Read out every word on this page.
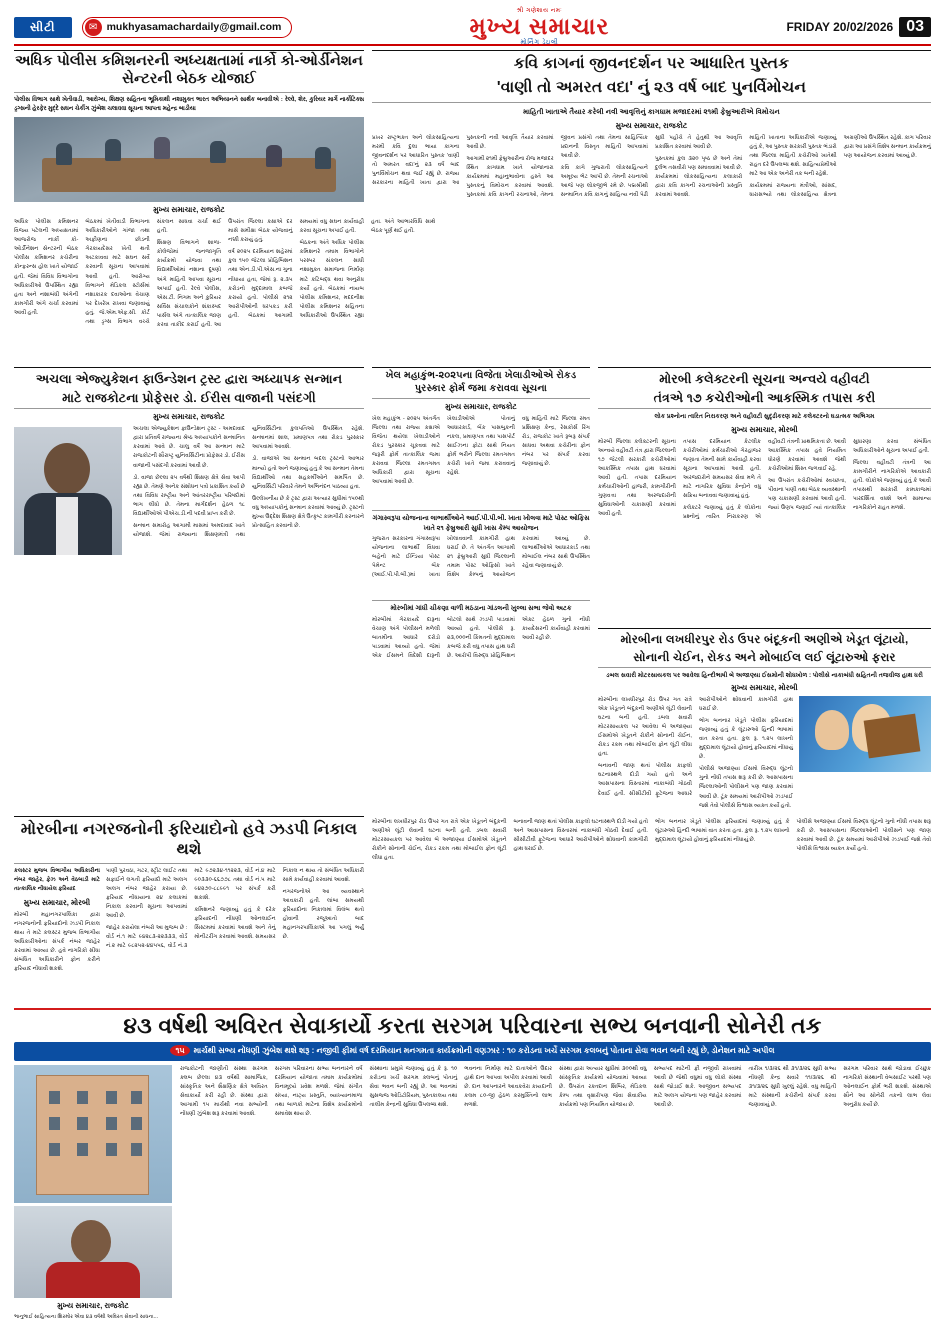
સીટી	✉ mukhyasamachardaily@gmail.com
શ્રી ગણેશાય નમઃ
મુખ્ય સમાચાર
મોર્નિંગ ડેઇલી
FRIDAY 20/02/2026 03
અધિક પોલીસ કમિશનરની અધ્યક્ષતામાં નાર્કો કો-ઓર્ડીનેશન સેન્ટરની બેઠક યોજાઈ
પોલીસ વિભાગ સાથે ખેતીવાડી, આરોગ્ય, શિક્ષણ સહિતના ભૂમિકાથી નશામુક્ત ભારત અભિયાનને સાર્થક બનાવીએ : રેલ્વે, શેર, કુરિયર માર્ગે નાર્કોટિક્સ ડ્રગ્સની હેરફેર મુદ્દે સઘન ચેકીંગ ઝુંબેશ ચલાવવા સૂચના આપતા મહેન્દ્ર બાડીયા
મુખ્ય સમાચાર, રાજકોટ

અધિક પોલીસ કમિશનર વિજય પટેલની અધ્યક્ષતામાં આજરોજ નાર્કો કો-ઓર્ડીનેશન સેન્ટરની બેઠક પોલીસ કમિશનર કચેરીના કોન્ફરન્સ હોલ ખાતે યોજાઈ હતી. જેમાં વિવિધ વિભાગોના અધિકારીઓ ઉપસ્થિત રહ્યા હતા અને નશાબંધી અંગેની કામગીરી અંગે ચર્ચા કરવામાં આવી હતી.

બેઠકમાં ખેતીવાડી વિભાગના અધિકારીઓને ગાંજા તથા અફીણના છોડની ગેરકાયદેસર ખેતી થતી અટકાવવા માટે સઘન સર્વે કરવાની સૂચના આપવામાં આવી હતી. આરોગ્ય વિભાગને મેડિકલ સ્ટોર્સમાં નશાકારક દવાઓના વેચાણ પર દેખરેખ રાખવા જણાવાયું હતું. જે.એમ.એફ.સી. કોર્ટ તથા ડ્રગ્સ વિભાગ વચ્ચે સંકલન સાધવા ચર્ચા થઈ હતી.

શિક્ષણ વિભાગને શાળા-કોલેજોમાં જનજાગૃતિ કાર્યક્રમો યોજવા તથા વિદ્યાર્થીઓમાં નશાના દૂષણો અંગે માહિતી આપવા સૂચના અપાઈ હતી. રેલ્વે પોલીસ, એસ.ટી. નિગમ અને કુરિયર સર્વિસ સંચાલકોને શંકાસ્પદ પાર્સલ અંગે તાત્કાલિક જાણ કરવા તાકીદ કરાઈ હતી. આ ઉપરાંત જિલ્લા કક્ષાએ દર માસે સમીક્ષા બેઠક યોજવાનું નક્કી કરાયું હતું.

વર્ષ ૨૦૨૫ દરમિયાન શહેરમાં કુલ ૧૫૦ જેટલા પ્રોહિબિશન તથા એન.ડી.પી.એસ.ના ગુના નોંધાયા હતા, જેમાં રૂ. ૨.૩૫ કરોડનો મુદ્દામાલ કબજે કરાયો હતો. પોલીસે ૨૧૨ આરોપીઓની ધરપકડ કરી હતી. બેઠકમાં આગામી સમયમાં વધુ સઘન કાર્યવાહી કરવા સૂચના અપાઈ હતી.

બેઠકના અંતે અધિક પોલીસ કમિશનરે તમામ વિભાગોને પરસ્પર સંકલન સાધી નશામુક્ત સમાજના નિર્માણ માટે કટિબદ્ધ થવા અનુરોધ કર્યો હતો. બેઠકમાં નાયબ પોલીસ કમિશનર, મદદનીશ પોલીસ કમિશનર સહિતના અધિકારીઓ ઉપસ્થિત રહ્યા હતા. અંતે આભારવિધિ સાથે બેઠક પૂર્ણ થઈ હતી.

કવિ કાગનાં જીવનદર્શન પર આધારિત પુસ્તક
'વાણી તો અમરત વદા' નું ૨૩ વર્ષ બાદ પુનર્વિમોચન
માહિતી ખાતાએ તૈયાર કરેલી નવી આવૃત્તિનું કાગધામ મજાદરમાં ૨૧મી ફેબ્રુઆરીએ વિમોચન
મુખ્ય સમાચાર, રાજકોટ

પ્રખર રાષ્ટ્રભક્ત અને લોકસાહિત્યના મરમી કવિ દુલા ભાયા કાગના જીવનદર્શન પર આધારિત પુસ્તક 'વાણી તો અમરત વદા'નું ૨૩ વર્ષ બાદ પુનર્વિમોચન થવા જઈ રહ્યું છે. રાજ્ય સરકારના માહિતી ખાતા દ્વારા આ પુસ્તકની નવી આવૃત્તિ તૈયાર કરવામાં આવી છે.

આગામી ૨૧મી ફેબ્રુઆરીના રોજ મજાદર સ્થિત કાગધામ ખાતે યોજાનારા કાર્યક્રમમાં મહાનુભાવોના હસ્તે આ પુસ્તકનું વિમોચન કરવામાં આવશે. પુસ્તકમાં કવિ કાગની રચનાઓ, તેમના જીવન પ્રસંગો તથા તેમના સાહિત્યિક પ્રદાનની વિસ્તૃત માહિતી આપવામાં આવી છે.

કવિ કાગે ગુજરાતી લોકસાહિત્યને અમૂલ્ય ભેટ આપી છે. તેમની રચનાઓ આજે પણ લોકજીભે રમે છે. પદ્મશ્રીથી સન્માનિત કવિ કાગનું સાહિત્ય નવી પેઢી સુધી પહોંચે તે હેતુથી આ આવૃત્તિ પ્રકાશિત કરવામાં આવી છે.

પુસ્તકમાં કુલ ૩૨૦ પૃષ્ઠ છે અને તેમાં દુર્લભ તસવીરો પણ સમાવવામાં આવી છે. કાર્યક્રમમાં લોકસાહિત્યના કલાકારો દ્વારા કવિ કાગની રચનાઓની પ્રસ્તુતિ કરવામાં આવશે.

માહિતી ખાતાના અધિકારીએ જણાવ્યું હતું કે, આ પુસ્તક સરકારી પુસ્તક ભંડારો તથા જિલ્લા માહિતી કચેરીઓ ખાતેથી રાહત દરે ઉપલબ્ધ થશે. સાહિત્યપ્રેમીઓ માટે આ એક અનેરી તક બની રહેશે.

કાર્યક્રમમાં રાજ્યના મંત્રીઓ, સાંસદ, ધારાસભ્યો તથા લોકસાહિત્ય ક્ષેત્રના અગ્રણીઓ ઉપસ્થિત રહેશે. કાગ પરિવાર દ્વારા આ પ્રસંગે વિશેષ સન્માન કાર્યક્રમનું પણ આયોજન કરવામાં આવ્યું છે.

અચલા એજ્યુકેશન ફાઉન્ડેશન ટ્રસ્ટ દ્વારા અધ્યાપક સન્માન
માટે રાજકોટના પ્રોફેસર ડો. ઈરીસ વાજાની પસંદગી
મુખ્ય સમાચાર, રાજકોટ

અચલા એજ્યુકેશન ફાઉન્ડેશન ટ્રસ્ટ - અમદાવાદ દ્વારા પ્રતિવર્ષ રાજ્યના શ્રેષ્ઠ અધ્યાપકોને સન્માનિત કરવામાં આવે છે. ચાલુ વર્ષે આ સન્માન માટે રાજકોટની સૌરાષ્ટ્ર યુનિવર્સિટીના પ્રોફેસર ડો. ઈરીસ વાજાની પસંદગી કરવામાં આવી છે.

ડો. વાજા છેલ્લા ૨૫ વર્ષથી શિક્ષણ ક્ષેત્રે સેવા આપી રહ્યા છે. તેમણે અનેક સંશોધન પત્રો પ્રકાશિત કર્યા છે તથા વિવિધ રાષ્ટ્રીય અને આંતરરાષ્ટ્રીય પરિષદોમાં ભાગ લીધો છે. તેમના માર્ગદર્શન હેઠળ ૧૮ વિદ્યાર્થીઓએ પીએચ.ડી.ની પદવી પ્રાપ્ત કરી છે.

સન્માન સમારોહ આગામી માસમાં અમદાવાદ ખાતે યોજાશે. જેમાં રાજ્યના શિક્ષણમંત્રી તથા યુનિવર્સિટીના કુલપતિઓ ઉપસ્થિત રહેશે. સન્માનમાં શાલ, પ્રમાણપત્ર તથા રોકડ પુરસ્કાર આપવામાં આવશે.

ડો. વાજાએ આ સન્માન બદલ ટ્રસ્ટનો આભાર માન્યો હતો અને જણાવ્યું હતું કે આ સન્માન તેમના વિદ્યાર્થીઓ તથા સહકર્મીઓને સમર્પિત છે. યુનિવર્સિટી પરિવારે તેમને અભિનંદન પાઠવ્યા હતા.

ઉલ્લેખનીય છે કે ટ્રસ્ટ દ્વારા અત્યાર સુધીમાં ૧૫૦થી વધુ અધ્યાપકોનું સન્માન કરવામાં આવ્યું છે. ટ્રસ્ટનો મુખ્ય ઉદ્દેશ શિક્ષણ ક્ષેત્રે ઉત્કૃષ્ટ કામગીરી કરનારને પ્રોત્સાહિત કરવાનો છે.

ખેલ મહાકુંભ-૨૦૨૫ના વિજેતા ખેલાડીઓએ રોકડ પુરસ્કાર ફોર્મ જમા કરાવવા સૂચના
મુખ્ય સમાચાર, રાજકોટ

ખેલ મહાકુંભ - ૨૦૨૫ અંતર્ગત જિલ્લા તથા રાજ્ય કક્ષાએ વિજેતા થયેલા ખેલાડીઓને રોકડ પુરસ્કાર ચૂકવવા માટે જરૂરી ફોર્મ તાત્કાલિક જમા કરાવવા જિલ્લા રમતગમત અધિકારી દ્વારા સૂચના આપવામાં આવી છે.

ખેલાડીઓએ પોતાનું આધારકાર્ડ, બેંક પાસબુકની નકલ, પ્રમાણપત્ર તથા પાસપોર્ટ સાઈઝના ફોટા સાથે નિયત ફોર્મ ભરીને જિલ્લા રમતગમત કચેરી ખાતે જમા કરાવવાનું રહેશે.

વધુ માહિતી માટે જિલ્લા રમત પ્રશિક્ષણ કેન્દ્ર, રેસકોર્સ રિંગ રોડ, રાજકોટ ખાતે રૂબરૂ સંપર્ક સાધવા અથવા કચેરીના ફોન નંબર પર સંપર્ક કરવા જણાવાયું છે.

ગંગાસ્વરૂપા યોજનાના લાભાર્થીઓને આઈ.પી.પી.બી. ખાતા ખોલવા માટે પોસ્ટ ઓફિસ ખાતે ૨૧ ફેબ્રુઆરી સુધી ખાસ કેમ્પ આયોજન

ગુજરાત સરકારના ગંગાસ્વરૂપા યોજનાના લાભાર્થી વિધવા બહેનો માટે ઈન્ડિયા પોસ્ટ પેમેન્ટ બેંક (આઈ.પી.પી.બી.)માં ખાતા ખોલાવવાની કામગીરી હાથ ધરાઈ છે. તે અંતર્ગત આગામી ૨૧ ફેબ્રુઆરી સુધી જિલ્લાની તમામ પોસ્ટ ઓફિસો ખાતે વિશેષ કેમ્પનું આયોજન કરવામાં આવ્યું છે. લાભાર્થીઓએ આધારકાર્ડ તથા મોબાઈલ નંબર સાથે ઉપસ્થિત રહેવા જણાવાયું છે.

મોરબીમાં ગાંધી ચીકણા વાળી મઠડાના ગાંડલની ખુલ્લા સભા જેવો અટક

મોરબીમાં ગેરકાયદે દારૂના વેચાણ અંગે પોલીસને મળેલી બાતમીના આધારે દરોડો પાડવામાં આવ્યો હતો. જેમાં એક ઈસમને વિદેશી દારૂની બોટલો સાથે ઝડપી પાડવામાં આવ્યો હતો. પોલીસે રૂ. ૨૩,૦૦૦ની કિંમતનો મુદ્દામાલ કબજે કરી વધુ તપાસ હાથ ધરી છે. આરોપી વિરુદ્ધ પ્રોહિબિશન એક્ટ હેઠળ ગુનો નોંધી કાયદેસરની કાર્યવાહી કરવામાં આવી રહી છે.

મોરબી કલેક્ટરની સૂચના અન્વયે વહીવટી
તંત્રએ ૧૭ કચેરીઓની આકસ્મિક તપાસ કરી
લોક પ્રશ્નોના ત્વરિત નિરાકરણ અને વહીવટી સુદૃઢીકરણ માટે કલેક્ટરનો ઘડાત્મક અભિગમ
મુખ્ય સમાચાર, મોરબી

મોરબી જિલ્લા કલેક્ટરની સૂચના અન્વયે વહીવટી તંત્ર દ્વારા જિલ્લાની ૧૭ જેટલી સરકારી કચેરીઓમાં આકસ્મિક તપાસ હાથ ધરવામાં આવી હતી. તપાસ દરમિયાન કર્મચારીઓની હાજરી, કામગીરીની ગુણવત્તા તથા અરજદારોની સુવિધાઓની ચકાસણી કરવામાં આવી હતી.

તપાસ દરમિયાન કેટલીક કચેરીઓમાં કર્મચારીઓ ગેરહાજર જણાતા તેમની સામે કાર્યવાહી કરવા સૂચના આપવામાં આવી હતી. અરજદારોને સમયસર સેવા મળે તે માટે નાગરિક સુવિધા કેન્દ્રોને વધુ સક્રિય બનાવવા જણાવાયું હતું.

કલેક્ટરે જણાવ્યું હતું કે લોકોના પ્રશ્નોનું ત્વરિત નિરાકરણ એ વહીવટી તંત્રની પ્રાથમિકતા છે. આવી આકસ્મિક તપાસ હવે નિયમિત ધોરણે કરવામાં આવશે જેથી કચેરીઓમાં શિસ્ત જળવાઈ રહે.

આ ઉપરાંત કચેરીઓમાં સ્વચ્છતા, પીવાના પાણી તથા બેઠક વ્યવસ્થાની પણ ચકાસણી કરવામાં આવી હતી. જ્યાં ઉણપ જણાઈ ત્યાં તાત્કાલિક સુધારણા કરવા સંબંધિત અધિકારીઓને સૂચના અપાઈ હતી.

જિલ્લા વહીવટી તંત્રની આ કામગીરીને નાગરિકોએ આવકારી હતી. લોકોએ જણાવ્યું હતું કે આવી તપાસથી સરકારી કામકાજમાં પારદર્શિતા વધશે અને સામાન્ય નાગરિકોને રાહત મળશે.

મોરબીના લખધીરપુર રોડ ઉપર બંદૂકની અણીએ ખેડૂત લૂંટાયો,
સોનાની ચેઈન, રોકડ અને મોબાઈલ લઈ લૂંટારુઓ ફરાર
ડબલ સવારી મોટરસાયકલ પર આવેલા હિન્દીભાષી બે અજાણ્યા ઈસમોની શોધખોળ : પોલીસે નાકાબંધી સહિતની તજવીજ હાથ ધરી
મુખ્ય સમાચાર, મોરબી

મોરબીના લખધીરપુર રોડ ઉપર ગત રાત્રે એક ખેડૂતને બંદૂકની અણીએ લૂંટી લેવાની ઘટના બની હતી. ડબલ સવારી મોટરસાયકલ પર આવેલા બે અજાણ્યા ઈસમોએ ખેડૂતને રોકીને સોનાની ચેઈન, રોકડ રકમ તથા મોબાઈલ ફોન લૂંટી લીધા હતા.

બનાવની જાણ થતાં પોલીસ કાફલો ઘટનાસ્થળે દોડી ગયો હતો અને આસપાસના વિસ્તારમાં નાકાબંધી ગોઠવી દેવાઈ હતી. સીસીટીવી ફૂટેજના આધારે આરોપીઓને શોધવાની કામગીરી હાથ ધરાઈ છે.

ભોગ બનનાર ખેડૂતે પોલીસ ફરિયાદમાં જણાવ્યું હતું કે લૂંટારુઓ હિન્દી ભાષામાં વાત કરતા હતા. કુલ રૂ. ૧.૨૫ લાખનો મુદ્દામાલ લૂંટાયો હોવાનું ફરિયાદમાં નોંધાયું છે.

પોલીસે અજાણ્યા ઈસમો વિરુદ્ધ લૂંટનો ગુનો નોંધી તપાસ શરૂ કરી છે. આસપાસના જિલ્લાઓની પોલીસને પણ જાણ કરવામાં આવી છે. ટૂંક સમયમાં આરોપીઓ ઝડપાઈ જશે તેવો પોલીસે વિશ્વાસ વ્યક્ત કર્યો હતો.

મોરબીના નગરજનોની ફરિયાદોનો હવે ઝડપી નિકાલ થશે
કલસ્ટર મુજબ વિભાગીય અધિકારીના નંબર જાહેર, ફેઝ અને વેઠબાડી માટે તાત્કાલિક નોંધાયેલ ફરિયાદ
મુખ્ય સમાચાર, મોરબી
મોરબી મહાનગરપાલિકા દ્વારા નગરજનોની ફરિયાદોનો ઝડપી નિકાલ થાય તે માટે કલસ્ટર મુજબ વિભાગીય અધિકારીઓના સંપર્ક નંબર જાહેર કરવામાં આવ્યા છે. હવે નાગરિકો સીધા સંબંધિત અધિકારીને ફોન કરીને ફરિયાદ નોંધાવી શકશે.

પાણી પુરવઠા, ગટર, સ્ટ્રીટ લાઈટ તથા સફાઈને લગતી ફરિયાદો માટે અલગ અલગ નંબર જાહેર કરાયા છે. ફરિયાદ નોંધાયાના ૨૪ કલાકમાં નિકાલ કરવાની સૂચના આપવામાં આવી છે.

જાહેર કરાયેલા નંબરો આ મુજબ છે : વોર્ડ નં.૧ માટે ૯૪૨૮૩-૨૨૩૩૩, વોર્ડ નં.૨ માટે ૯૮૨૫૨-૪૪૫૫૬, વોર્ડ નં.૩ માટે ૯૭૨૩૪-૧૧૨૨૩, વોર્ડ નં.૪ માટે ૯૦૩૩૦-૬૬૭૭૮ તથા વોર્ડ નં.૫ માટે ૯૪૨૭૦-૮૮૯૯૧ પર સંપર્ક કરી શકાશે.

કમિશનરે જણાવ્યું હતું કે દરેક ફરિયાદની નોંધણી ઓનલાઈન સિસ્ટમમાં કરવામાં આવશે અને તેનું મોનીટરીંગ કરવામાં આવશે. સમયસર નિકાલ ન થાય તો સંબંધિત અધિકારી સામે કાર્યવાહી કરવામાં આવશે.

નગરજનોએ આ વ્યવસ્થાને આવકારી હતી. લાંબા સમયથી ફરિયાદોના નિકાલમાં વિલંબ થતો હોવાની રજૂઆતો બાદ મહાનગરપાલિકાએ આ પગલું ભર્યું છે.

મોરબીના લખધીરપુર રોડ ઉપર ગત રાત્રે એક ખેડૂતને બંદૂકની અણીએ લૂંટી લેવાની ઘટના બની હતી. ડબલ સવારી મોટરસાયકલ પર આવેલા બે અજાણ્યા ઈસમોએ ખેડૂતને રોકીને સોનાની ચેઈન, રોકડ રકમ તથા મોબાઈલ ફોન લૂંટી લીધા હતા.

બનાવની જાણ થતાં પોલીસ કાફલો ઘટનાસ્થળે દોડી ગયો હતો અને આસપાસના વિસ્તારમાં નાકાબંધી ગોઠવી દેવાઈ હતી. સીસીટીવી ફૂટેજના આધારે આરોપીઓને શોધવાની કામગીરી હાથ ધરાઈ છે.

ભોગ બનનાર ખેડૂતે પોલીસ ફરિયાદમાં જણાવ્યું હતું કે લૂંટારુઓ હિન્દી ભાષામાં વાત કરતા હતા. કુલ રૂ. ૧.૨૫ લાખનો મુદ્દામાલ લૂંટાયો હોવાનું ફરિયાદમાં નોંધાયું છે.

પોલીસે અજાણ્યા ઈસમો વિરુદ્ધ લૂંટનો ગુનો નોંધી તપાસ શરૂ કરી છે. આસપાસના જિલ્લાઓની પોલીસને પણ જાણ કરવામાં આવી છે. ટૂંક સમયમાં આરોપીઓ ઝડપાઈ જશે તેવો પોલીસે વિશ્વાસ વ્યક્ત કર્યો હતો.

૪૩ વર્ષથી અવિરત સેવાકાર્યો કરતા સરગમ પરિવારના સભ્ય બનવાની સોનેરી તક
૧૫ માર્ચથી સભ્ય નોંધણી ઝુંબેશ થશે શરૂ : નજીવી ફીમાં વર્ષ દરમિયાન મનગમતા કાર્યક્રમોની વણઝાર : ૧૦ કરોડના ખર્ચે સરગમ કલબનું પોતાના સેવા ભવન બની રહ્યું છે, ડોનેશન માટે અપીલ
મુખ્ય સમાચાર, રાજકોટ
ભાનુભાઈ સાહિત્યના શિરમોર એવા ૪૩ વર્ષથી અવિરત સેવાની સાધના...

રાજકોટની જાણીતી સંસ્થા સરગમ ક્લબ છેલ્લા ૪૩ વર્ષથી સામાજિક, સાંસ્કૃતિક અને શૈક્ષણિક ક્ષેત્રે અવિરત સેવાકાર્યો કરી રહી છે. સંસ્થા દ્વારા આગામી ૧૫ માર્ચથી નવા સભ્યોની નોંધણી ઝુંબેશ શરૂ કરવામાં આવશે.

સરગમ પરિવારના સભ્ય બનનારને વર્ષ દરમિયાન યોજાતા તમામ કાર્યક્રમોમાં વિનામૂલ્યે પ્રવેશ મળશે. જેમાં સંગીત સંધ્યા, નાટ્ય પ્રસ્તુતિ, વ્યાખ્યાનમાળા તથા બાળકો માટેના વિશેષ કાર્યક્રમોનો સમાવેશ થાય છે.

સંસ્થાના પ્રમુખે જણાવ્યું હતું કે રૂ. ૧૦ કરોડના ખર્ચે સરગમ ક્લબનું પોતાનું સેવા ભવન બની રહ્યું છે. આ ભવનમાં સુસજ્જ ઓડિટોરિયમ, પુસ્તકાલય તથા તાલીમ કેન્દ્રની સુવિધા ઉપલબ્ધ થશે.

ભવનના નિર્માણ માટે દાતાઓને ઉદાર હાથે દાન આપવા અપીલ કરવામાં આવી છે. દાન આપનારને આવકવેરા કાયદાની કલમ ૮૦-જી હેઠળ કરમુક્તિનો લાભ મળશે.

સંસ્થા દ્વારા અત્યાર સુધીમાં ૩૦૦થી વધુ સાંસ્કૃતિક કાર્યક્રમો યોજવામાં આવ્યા છે. ઉપરાંત રક્તદાન શિબિર, મેડિકલ કેમ્પ તથા વૃક્ષારોપણ જેવા સેવાકીય કાર્યક્રમો પણ નિયમિત યોજાય છે.

સભ્યપદ માટેની ફી નજીવી રાખવામાં આવી છે જેથી વધુમાં વધુ લોકો સંસ્થા સાથે જોડાઈ શકે. આજીવન સભ્યપદ માટે અલગ યોજના પણ જાહેર કરવામાં આવી છે.

તારીખ ૧/૩/૨૬ થી ૩૧/૩/૨૬ સુધી સભ્ય નોંધણી કેન્દ્ર સવારે ૧૧/૩/૨૬ થી ૩૧/૩/૨૬ સુધી ખુલ્લું રહેશે. વધુ માહિતી માટે સંસ્થાની કચેરીનો સંપર્ક કરવા જણાવાયું છે.

સરગમ પરિવાર સાથે જોડાવા ઈચ્છુક નાગરિકો સંસ્થાની વેબસાઈટ પરથી પણ ઓનલાઈન ફોર્મ ભરી શકશે. સંસ્થાએ સૌને આ સોનેરી તકનો લાભ લેવા અનુરોધ કર્યો છે.
